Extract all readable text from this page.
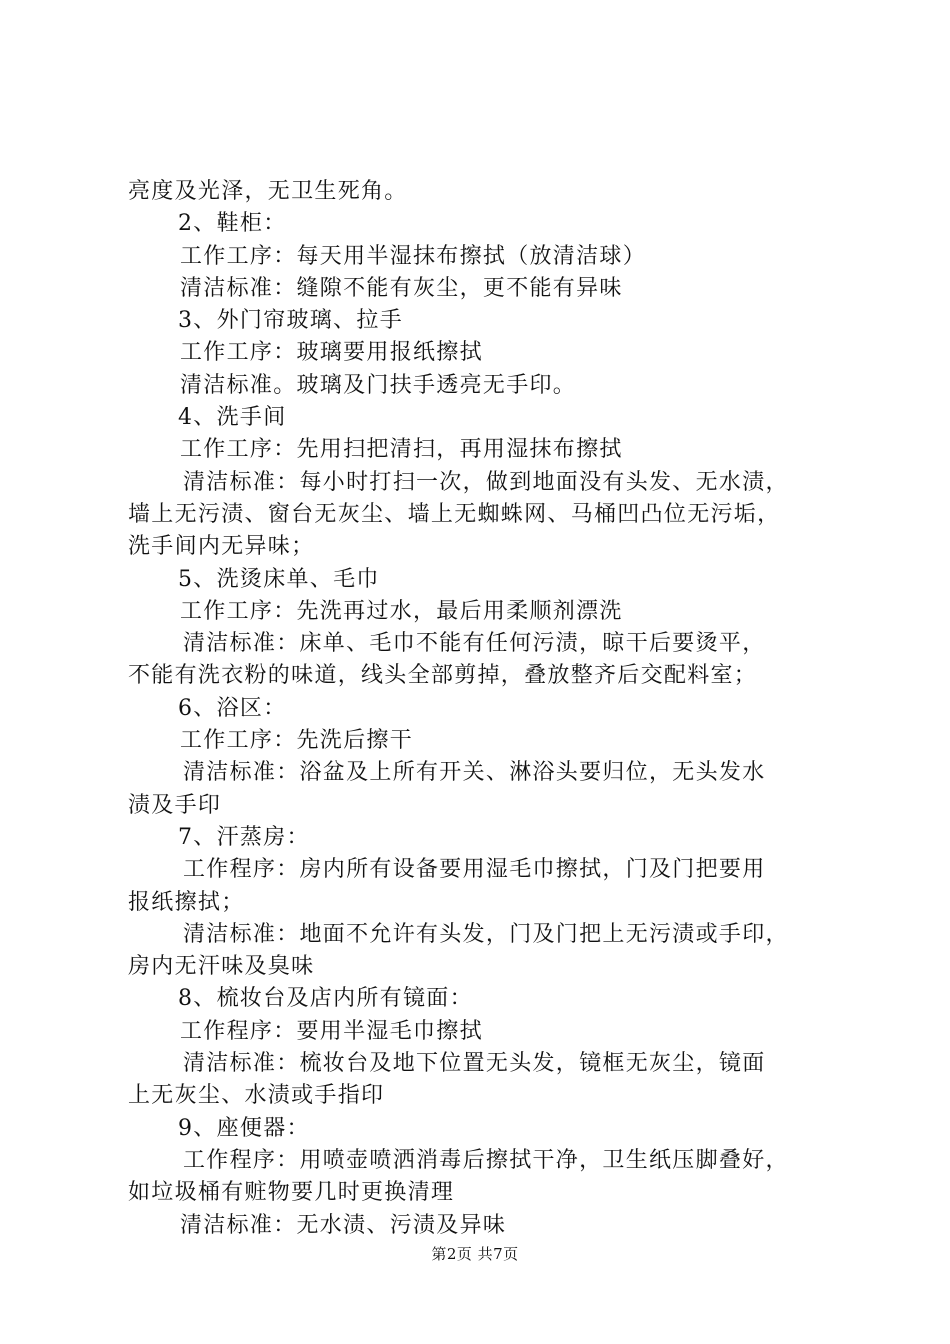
亮度及光泽，无卫生死角。
2、鞋柜：
工作工序：每天用半湿抹布擦拭（放清洁球）
清洁标准：缝隙不能有灰尘，更不能有异味
3、外门帘玻璃、拉手
工作工序：玻璃要用报纸擦拭
清洁标准。玻璃及门扶手透亮无手印。
4、洗手间
工作工序：先用扫把清扫，再用湿抹布擦拭
清洁标准：每小时打扫一次，做到地面没有头发、无水渍，
墙上无污渍、窗台无灰尘、墙上无蜘蛛网、马桶凹凸位无污垢，
洗手间内无异味；
5、洗烫床单、毛巾
工作工序：先洗再过水，最后用柔顺剂漂洗
清洁标准：床单、毛巾不能有任何污渍，晾干后要烫平，
不能有洗衣粉的味道，线头全部剪掉，叠放整齐后交配料室；
6、浴区：
工作工序：先洗后擦干
清洁标准：浴盆及上所有开关、淋浴头要归位，无头发水
渍及手印
7、汗蒸房：
工作程序：房内所有设备要用湿毛巾擦拭，门及门把要用
报纸擦拭；
清洁标准：地面不允许有头发，门及门把上无污渍或手印，
房内无汗味及臭味
8、梳妆台及店内所有镜面：
工作程序：要用半湿毛巾擦拭
清洁标准：梳妆台及地下位置无头发，镜框无灰尘，镜面
上无灰尘、水渍或手指印
9、座便器：
工作程序：用喷壶喷洒消毒后擦拭干净，卫生纸压脚叠好，
如垃圾桶有赃物要几时更换清理
清洁标准：无水渍、污渍及异味
第2页 共7页
